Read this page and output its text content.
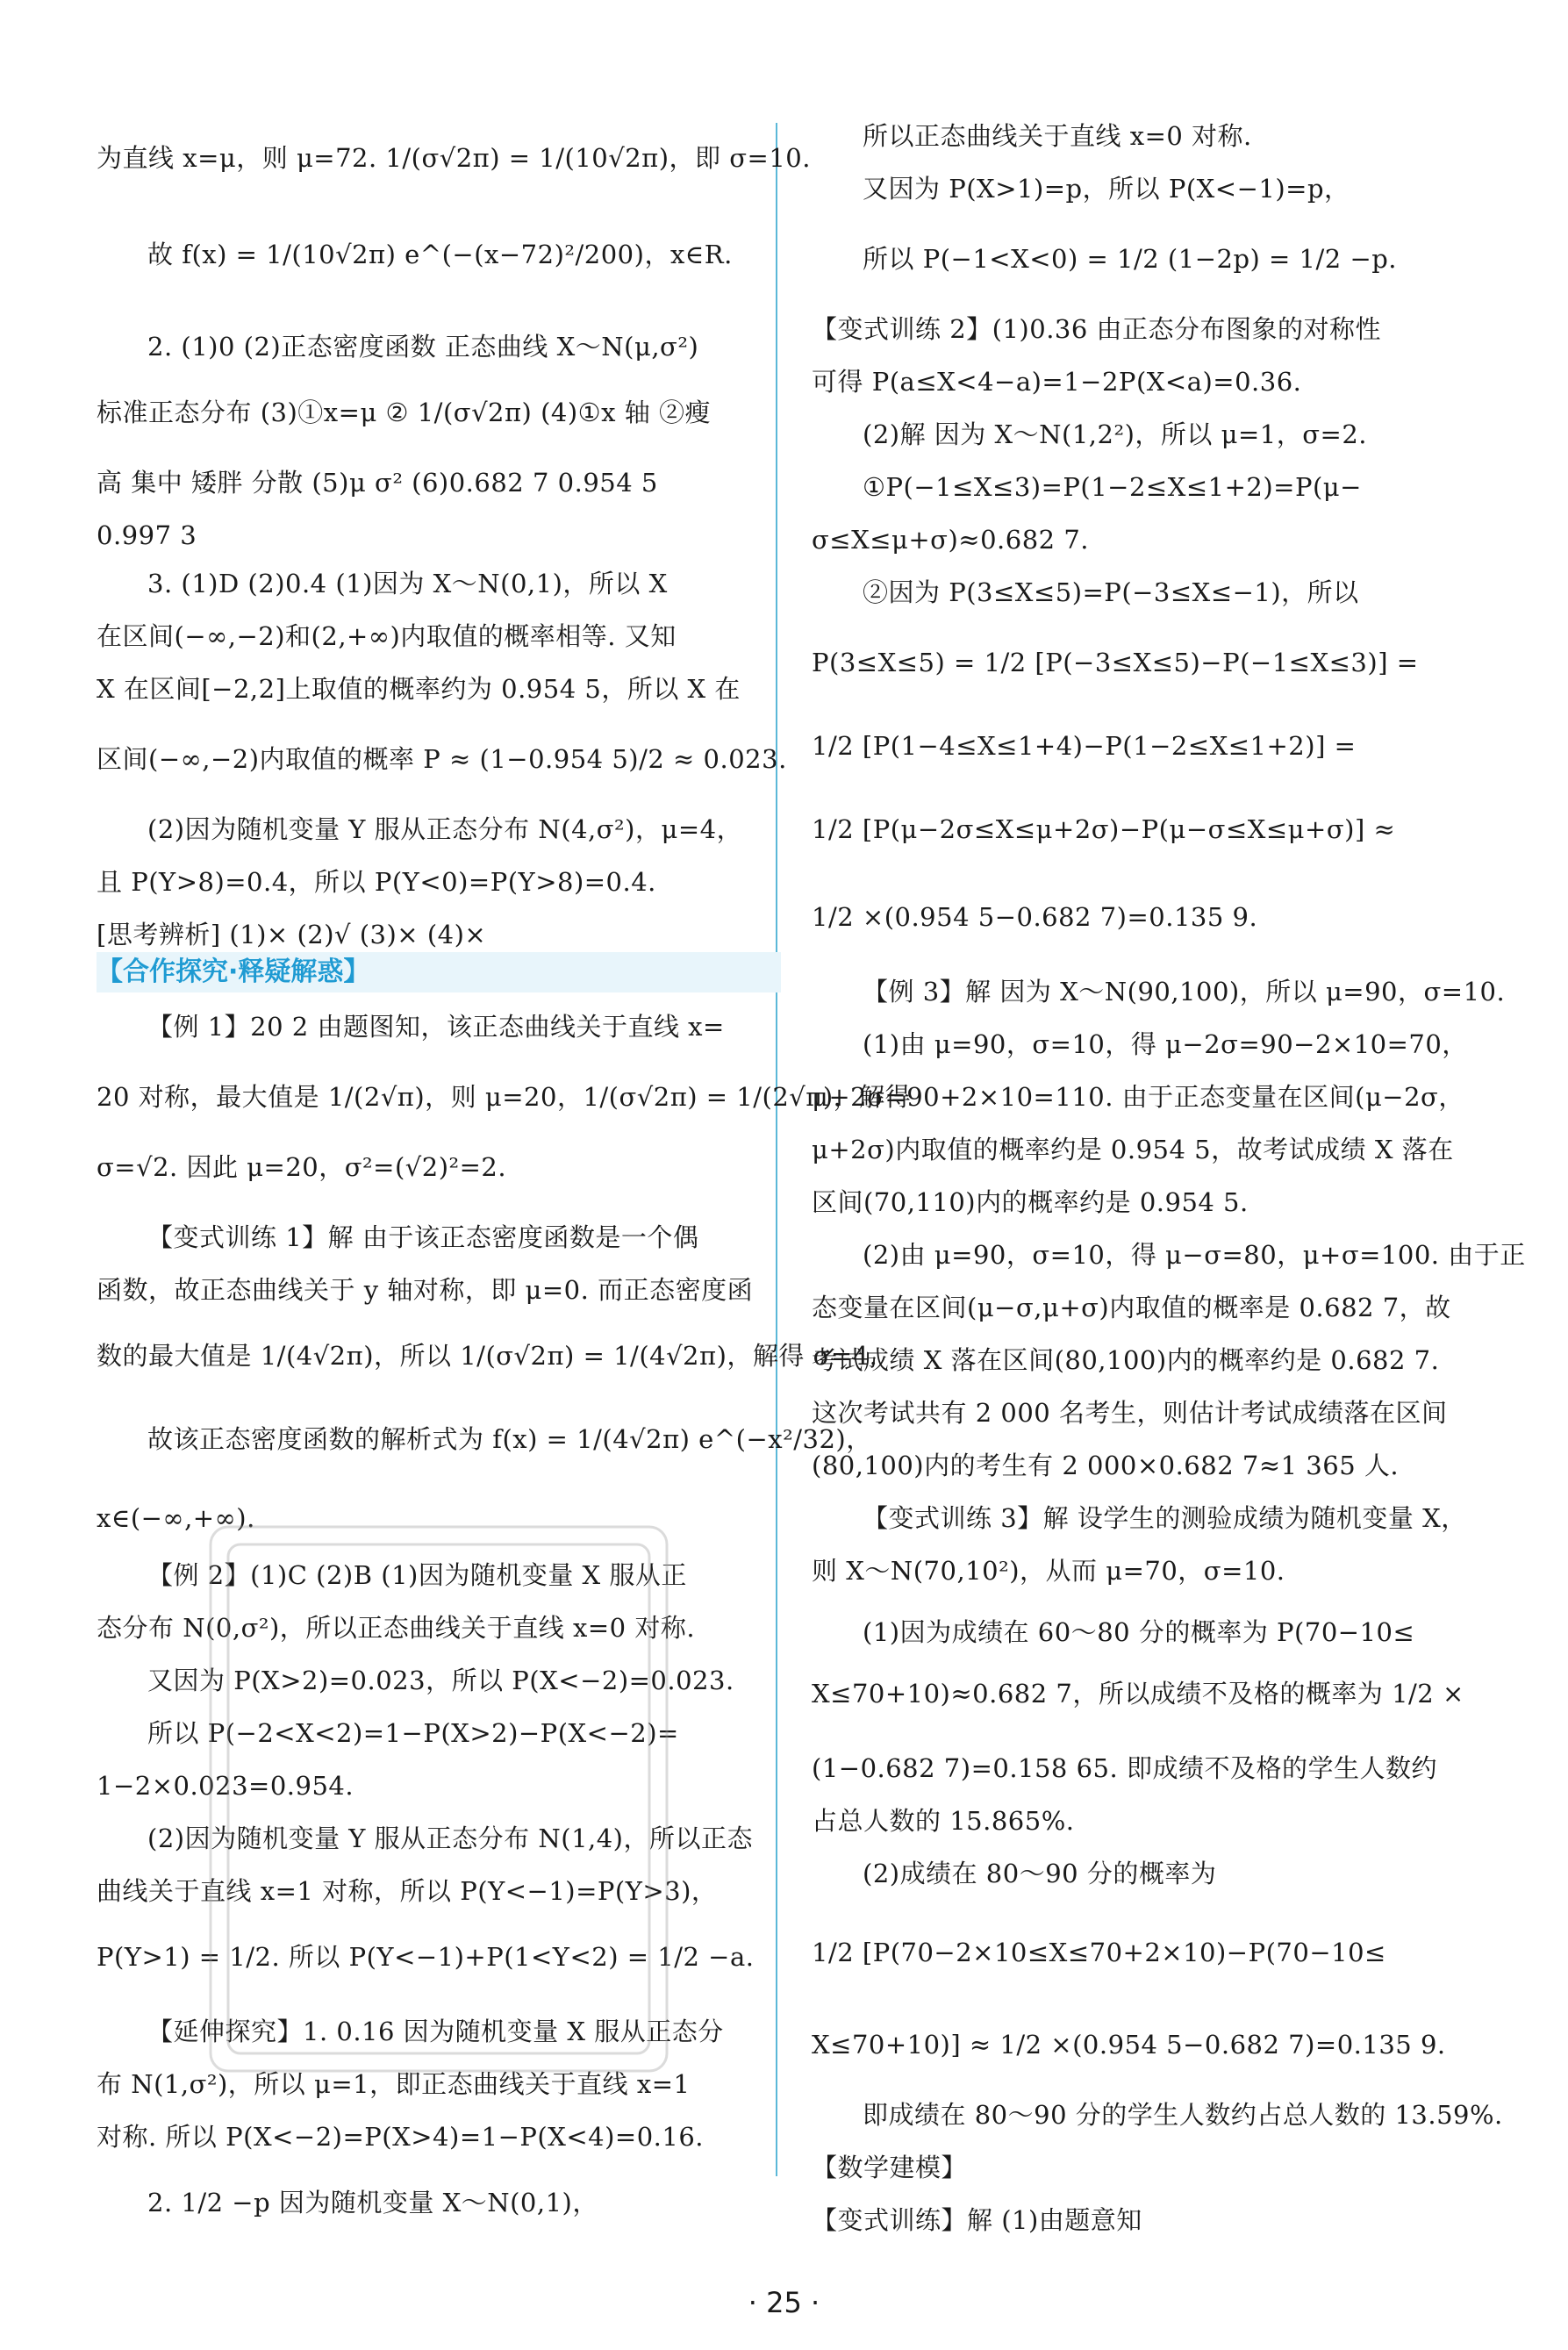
为直线 x=μ，则 μ=72. 1/(σ√2π) = 1/(10√2π)，即 σ=10.
故 f(x) = 1/(10√2π) e^(−(x−72)²/200)，x∈R.
2. (1)0 (2)正态密度函数 正态曲线 X～N(μ,σ²)
标准正态分布 (3)①x=μ ② 1/(σ√2π) (4)①x 轴 ②瘦
高 集中 矮胖 分散 (5)μ σ² (6)0.682 7 0.954 5
0.997 3
3. (1)D (2)0.4 (1)因为 X～N(0,1)，所以 X
在区间(−∞,−2)和(2,+∞)内取值的概率相等. 又知
X 在区间[−2,2]上取值的概率约为 0.954 5，所以 X 在
区间(−∞,−2)内取值的概率 P ≈ (1−0.954 5)/2 ≈ 0.023.
(2)因为随机变量 Y 服从正态分布 N(4,σ²)，μ=4，
且 P(Y>8)=0.4，所以 P(Y<0)=P(Y>8)=0.4.
[思考辨析] (1)× (2)√ (3)× (4)×
【例 1】20 2 由题图知，该正态曲线关于直线 x=
20 对称，最大值是 1/(2√π)，则 μ=20，1/(σ√2π) = 1/(2√π)，解得
σ=√2. 因此 μ=20，σ²=(√2)²=2.
【变式训练 1】解 由于该正态密度函数是一个偶
函数，故正态曲线关于 y 轴对称，即 μ=0. 而正态密度函
数的最大值是 1/(4√2π)，所以 1/(σ√2π) = 1/(4√2π)，解得 σ=4.
故该正态密度函数的解析式为 f(x) = 1/(4√2π) e^(−x²/32)，
x∈(−∞,+∞).
【例 2】(1)C (2)B (1)因为随机变量 X 服从正
态分布 N(0,σ²)，所以正态曲线关于直线 x=0 对称.
又因为 P(X>2)=0.023，所以 P(X<−2)=0.023.
所以 P(−2<X<2)=1−P(X>2)−P(X<−2)=
1−2×0.023=0.954.
(2)因为随机变量 Y 服从正态分布 N(1,4)，所以正态
曲线关于直线 x=1 对称，所以 P(Y<−1)=P(Y>3)，
P(Y>1) = 1/2. 所以 P(Y<−1)+P(1<Y<2) = 1/2 −a.
【延伸探究】1. 0.16 因为随机变量 X 服从正态分
布 N(1,σ²)，所以 μ=1，即正态曲线关于直线 x=1
对称. 所以 P(X<−2)=P(X>4)=1−P(X<4)=0.16.
2. 1/2 −p 因为随机变量 X～N(0,1)，
【合作探究·释疑解惑】
所以正态曲线关于直线 x=0 对称.
又因为 P(X>1)=p，所以 P(X<−1)=p，
所以 P(−1<X<0) = 1/2 (1−2p) = 1/2 −p.
【变式训练 2】(1)0.36 由正态分布图象的对称性
可得 P(a≤X<4−a)=1−2P(X<a)=0.36.
(2)解 因为 X～N(1,2²)，所以 μ=1，σ=2.
①P(−1≤X≤3)=P(1−2≤X≤1+2)=P(μ−
σ≤X≤μ+σ)≈0.682 7.
②因为 P(3≤X≤5)=P(−3≤X≤−1)，所以
P(3≤X≤5) = 1/2 [P(−3≤X≤5)−P(−1≤X≤3)] =
1/2 [P(1−4≤X≤1+4)−P(1−2≤X≤1+2)] =
1/2 [P(μ−2σ≤X≤μ+2σ)−P(μ−σ≤X≤μ+σ)] ≈
1/2 ×(0.954 5−0.682 7)=0.135 9.
【例 3】解 因为 X～N(90,100)，所以 μ=90，σ=10.
(1)由 μ=90，σ=10，得 μ−2σ=90−2×10=70，
μ+2σ=90+2×10=110. 由于正态变量在区间(μ−2σ，
μ+2σ)内取值的概率约是 0.954 5，故考试成绩 X 落在
区间(70,110)内的概率约是 0.954 5.
(2)由 μ=90，σ=10，得 μ−σ=80，μ+σ=100. 由于正
态变量在区间(μ−σ,μ+σ)内取值的概率是 0.682 7，故
考试成绩 X 落在区间(80,100)内的概率约是 0.682 7.
这次考试共有 2 000 名考生，则估计考试成绩落在区间
(80,100)内的考生有 2 000×0.682 7≈1 365 人.
【变式训练 3】解 设学生的测验成绩为随机变量 X，
则 X～N(70,10²)，从而 μ=70，σ=10.
(1)因为成绩在 60～80 分的概率为 P(70−10≤
X≤70+10)≈0.682 7，所以成绩不及格的概率为 1/2 ×
(1−0.682 7)=0.158 65. 即成绩不及格的学生人数约
占总人数的 15.865%.
(2)成绩在 80～90 分的概率为
1/2 [P(70−2×10≤X≤70+2×10)−P(70−10≤
X≤70+10)] ≈ 1/2 ×(0.954 5−0.682 7)=0.135 9.
即成绩在 80～90 分的学生人数约占总人数的 13.59%.
【数学建模】
【变式训练】解 (1)由题意知
· 25 ·
